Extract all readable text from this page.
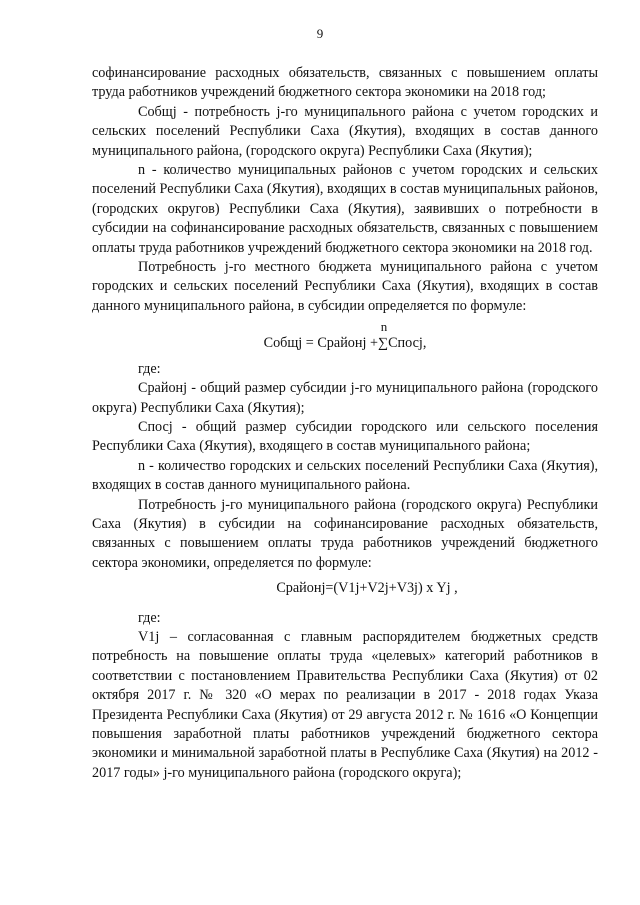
9

софинансирование расходных обязательств, связанных с повышением оплаты труда работников учреждений бюджетного сектора экономики на 2018 год;

Собщj - потребность j-го муниципального района с учетом городских и сельских поселений Республики Саха (Якутия), входящих в состав данного муниципального района, (городского округа) Республики Саха (Якутия);

n - количество муниципальных районов с учетом городских и сельских поселений Республики Саха (Якутия), входящих в состав муниципальных районов, (городских округов) Республики Саха (Якутия), заявивших о потребности в субсидии на софинансирование расходных обязательств, связанных с повышением оплаты труда работников учреждений бюджетного сектора экономики на 2018 год.

Потребность j-го местного бюджета муниципального района с учетом городских и сельских поселений Республики Саха (Якутия), входящих в состав данного муниципального района, в субсидии определяется по формуле:

n
Собщj = Срайонj +∑Спосj,

где:

Срайонj - общий размер субсидии j-го муниципального района (городского округа) Республики Саха (Якутия);

Спосj - общий размер субсидии городского или сельского поселения Республики Саха (Якутия), входящего в состав муниципального района;

n - количество городских и сельских поселений Республики Саха (Якутия), входящих в состав данного муниципального района.

Потребность j-го муниципального района (городского округа) Республики Саха (Якутия) в субсидии на софинансирование расходных обязательств, связанных с повышением оплаты труда работников учреждений бюджетного сектора экономики, определяется по формуле:

Срайонj=(V1j+V2j+V3j) x Yj ,

где:

V1j – согласованная с главным распорядителем бюджетных средств потребность на повышение оплаты труда «целевых» категорий работников в соответствии с постановлением Правительства Республики Саха (Якутия) от 02 октября 2017 г. № 320 «О мерах по реализации в 2017 - 2018 годах Указа Президента Республики Саха (Якутия) от 29 августа 2012 г. № 1616 «О Концепции повышения заработной платы работников учреждений бюджетного сектора экономики и минимальной заработной платы в Республике Саха (Якутия) на 2012 - 2017 годы» j-го муниципального района (городского округа);
